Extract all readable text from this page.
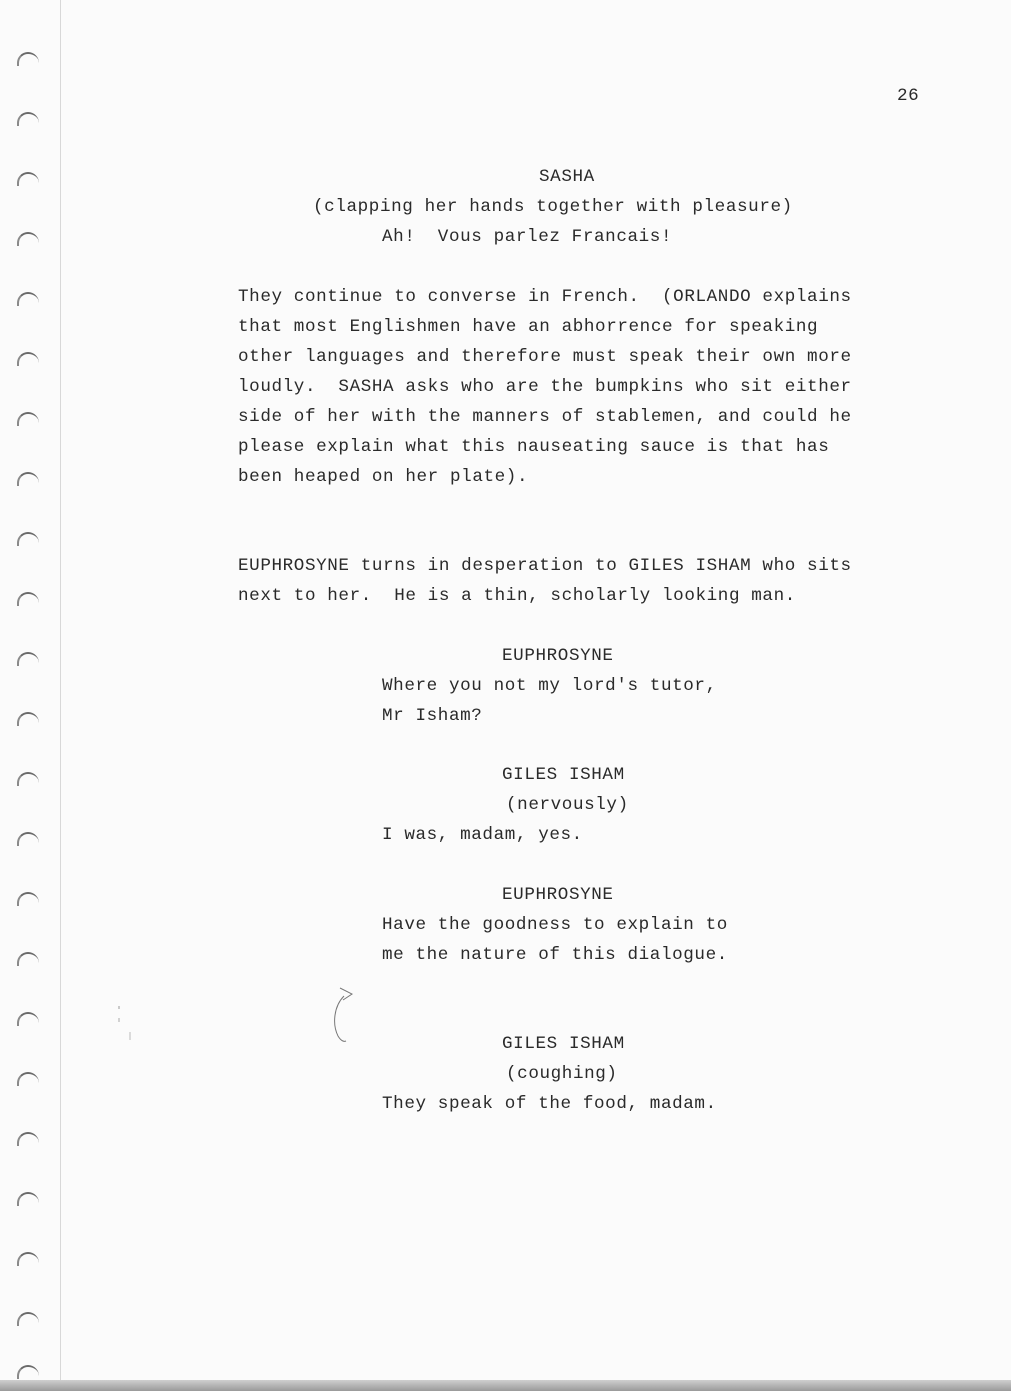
26
SASHA
(clapping her hands together with pleasure)
Ah!  Vous parlez Francais!
They continue to converse in French.  (ORLANDO explains
that most Englishmen have an abhorrence for speaking
other languages and therefore must speak their own more
loudly.  SASHA asks who are the bumpkins who sit either
side of her with the manners of stablemen, and could he
please explain what this nauseating sauce is that has
been heaped on her plate).
EUPHROSYNE turns in desperation to GILES ISHAM who sits
next to her.  He is a thin, scholarly looking man.
EUPHROSYNE
Where you not my lord's tutor,
Mr Isham?
GILES ISHAM
(nervously)
I was, madam, yes.
EUPHROSYNE
Have the goodness to explain to
me the nature of this dialogue.
GILES ISHAM
(coughing)
They speak of the food, madam.
